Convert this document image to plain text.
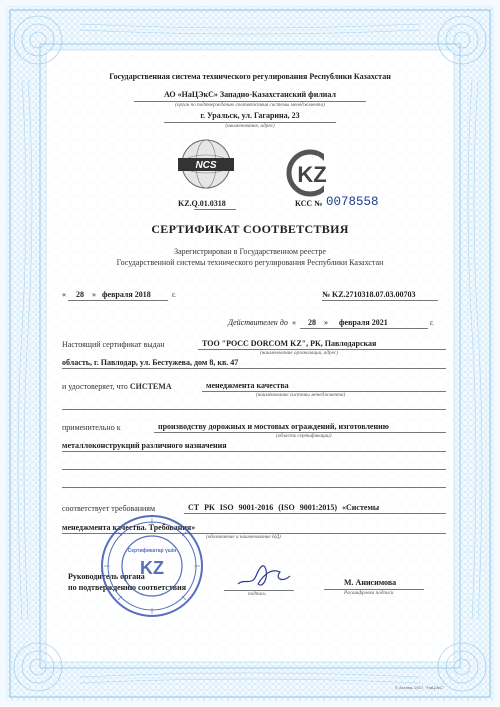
Государственная система технического регулирования Республики Казахстан
АО «НаЦЭкС» Западно-Казахстанский филиал
(орган по подтверждению соответствия системы менеджмента)
г. Уральск, ул. Гагарина, 23
(наименование, адрес)
NCS
KZ.Q.01.0318
KZ
КСС № 0078558
СЕРТИФИКАТ СООТВЕТСТВИЯ
Зарегистрирован в Государственном реестре
Государственной системы технического регулирования Республики Казахстан
« 28 » февраля 2018	г.	№ KZ.2710318.07.03.00703
Действителен до « 28 » февраля 2021	г.
Настоящий сертификат выдан	ТОО "POCC DORCOM KZ", РК, Павлодарская
(наименование организации, адрес)
область, г. Павлодар, ул. Бестужева, дом 8, кв. 47
и удостоверяет, что СИСТЕМА	менеджмента качества
(наименование системы менеджмента)
применительно к	производству дорожных и мостовых ограждений, изготовлению
(область сертификации)
металлоконструкций различного назначения
соответствует требованиям	СТ РК ISO 9001-2016 (ISO 9001:2015) «Системы
менеджмента качества. Требования»
(обозначение и наименование НД)
Руководитель органа
по подтверждению соответствия
подпись
М. Анисимова
Расшифровка подписи
KZ
Сертификатар үшін
© Астана, 2017. "НаЦЭкС"
